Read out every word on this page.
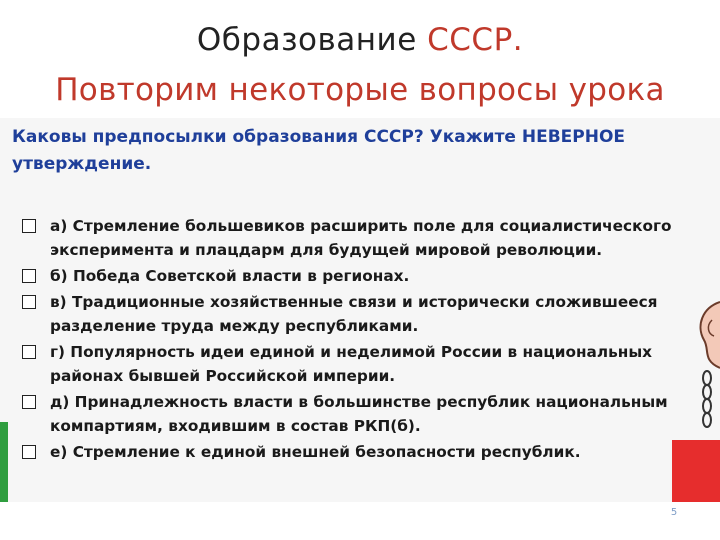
Образование СССР.
Повторим некоторые вопросы урока
Каковы предпосылки образования СССР? Укажите НЕВЕРНОЕ утверждение.
а) Стремление большевиков расширить поле для социалистического эксперимента и плацдарм для будущей мировой революции.
б) Победа Советской власти в регионах.
в) Традиционные хозяйственные связи и исторически сложившееся разделение труда между республиками.
г) Популярность идеи единой и неделимой России в национальных районах бывшей Российской империи.
д) Принадлежность власти в большинстве республик национальным компартиям, входившим в состав РКП(б).
е) Стремление к единой внешней безопасности республик.
5
